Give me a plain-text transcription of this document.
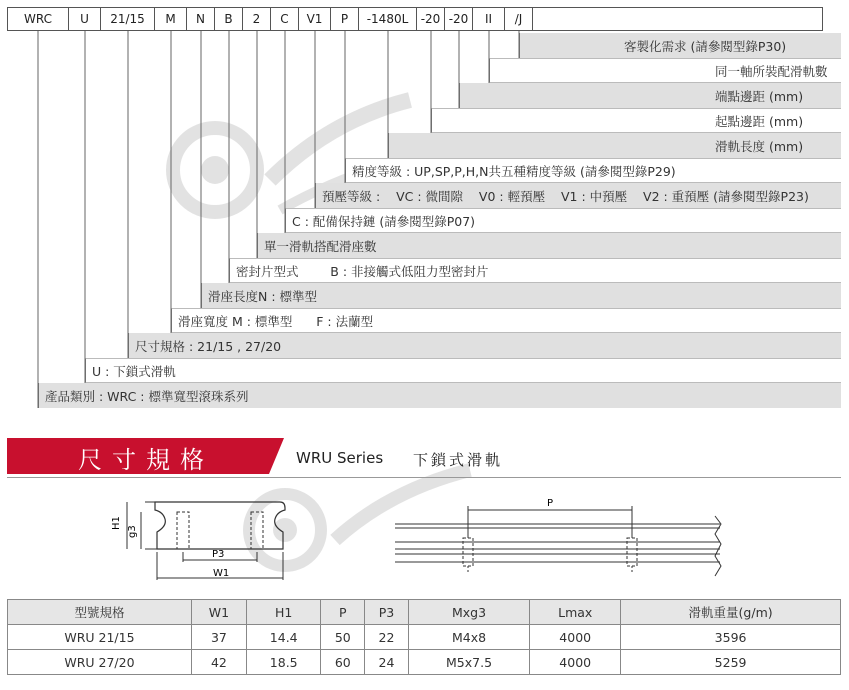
WRC	U	21/15	M	N	B	2	C	V1	P	-1480L	-20 -20	II	/J
客製化需求 (請參閱型錄P30)
同一軸所裝配滑軌數
端點邊距 (mm)
起點邊距 (mm)
滑軌長度 (mm)
精度等級 : UP,SP,P,H,N共五種精度等級 (請參閱型錄P29)
預壓等級 :    VC : 微間隙    V0 : 輕預壓    V1 : 中預壓    V2 : 重預壓 (請參閱型錄P23)
C : 配備保持鏈 (請參閱型錄P07)
單一滑軌搭配滑座數
密封片型式        B : 非接觸式低阻力型密封片
滑座長度N : 標準型
滑座寬度 M : 標準型      F : 法蘭型
尺寸規格 : 21/15 , 27/20
U : 下鎖式滑軌
產品類別 : WRC : 標準寬型滾珠系列
尺寸規格	WRU Series 下鎖式滑軌
H1
g3
P3
W1
P
型號規格	W1	H1	P	P3	Mxg3	Lmax	滑軌重量(g/m)
WRU 21/15	37	14.4	50	22	M4x8	4000	3596
WRU 27/20	42	18.5	60	24	M5x7.5	4000	5259
